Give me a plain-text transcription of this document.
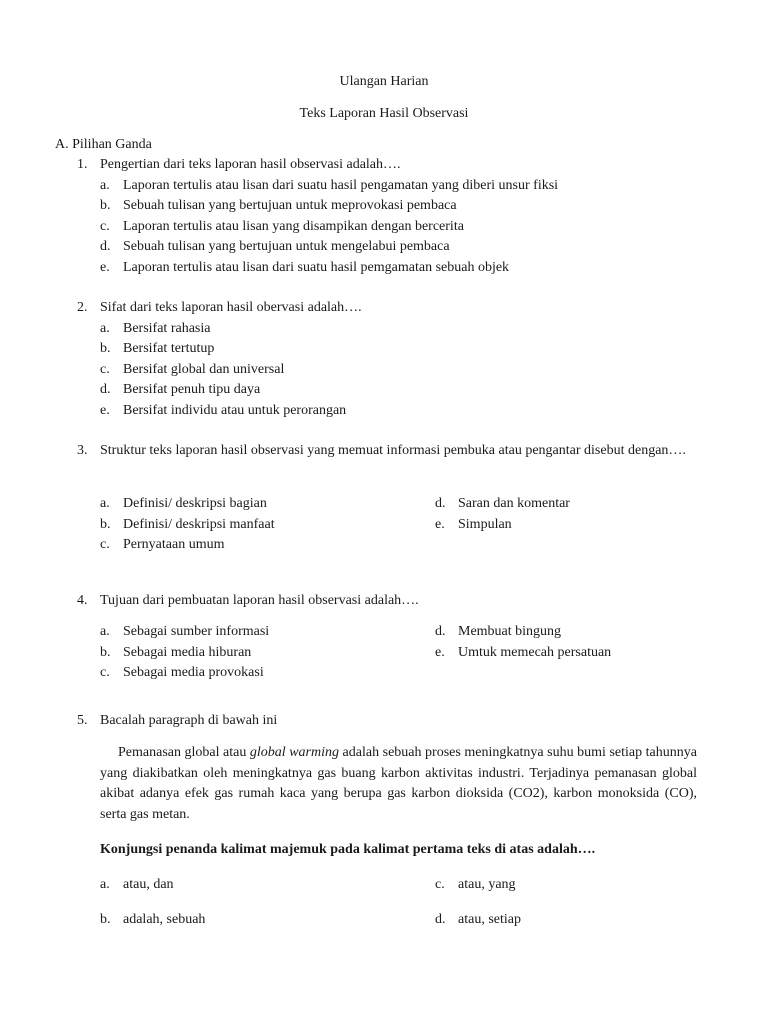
Ulangan Harian
Teks Laporan Hasil Observasi
A. Pilihan Ganda
1. Pengertian dari teks laporan hasil observasi adalah….
a. Laporan tertulis atau lisan dari suatu hasil pengamatan yang diberi unsur fiksi
b. Sebuah tulisan yang bertujuan untuk meprovokasi pembaca
c. Laporan tertulis atau lisan yang disampikan dengan bercerita
d. Sebuah tulisan yang bertujuan untuk mengelabui pembaca
e. Laporan tertulis atau lisan dari suatu hasil pemgamatan sebuah objek
2. Sifat dari teks laporan hasil obervasi adalah….
a. Bersifat rahasia
b. Bersifat tertutup
c. Bersifat global dan universal
d. Bersifat penuh tipu daya
e. Bersifat individu atau untuk perorangan
3. Struktur teks laporan hasil observasi yang memuat informasi pembuka atau pengantar disebut dengan….
a. Definisi/ deskripsi bagian
b. Definisi/ deskripsi manfaat
c. Pernyataan umum
d. Saran dan komentar
e. Simpulan
4. Tujuan dari pembuatan laporan hasil observasi adalah….
a. Sebagai sumber informasi
b. Sebagai media hiburan
c. Sebagai media provokasi
d. Membuat bingung
e. Umtuk memecah persatuan
5. Bacalah paragraph di bawah ini
Pemanasan global atau global warming adalah sebuah proses meningkatnya suhu bumi setiap tahunnya yang diakibatkan oleh meningkatnya gas buang karbon aktivitas industri. Terjadinya pemanasan global akibat adanya efek gas rumah kaca yang berupa gas karbon dioksida (CO2), karbon monoksida (CO), serta gas metan.
Konjungsi penanda kalimat majemuk pada kalimat pertama teks di atas adalah….
a. atau, dan	c. atau, yang
b. adalah, sebuah	d. atau, setiap
